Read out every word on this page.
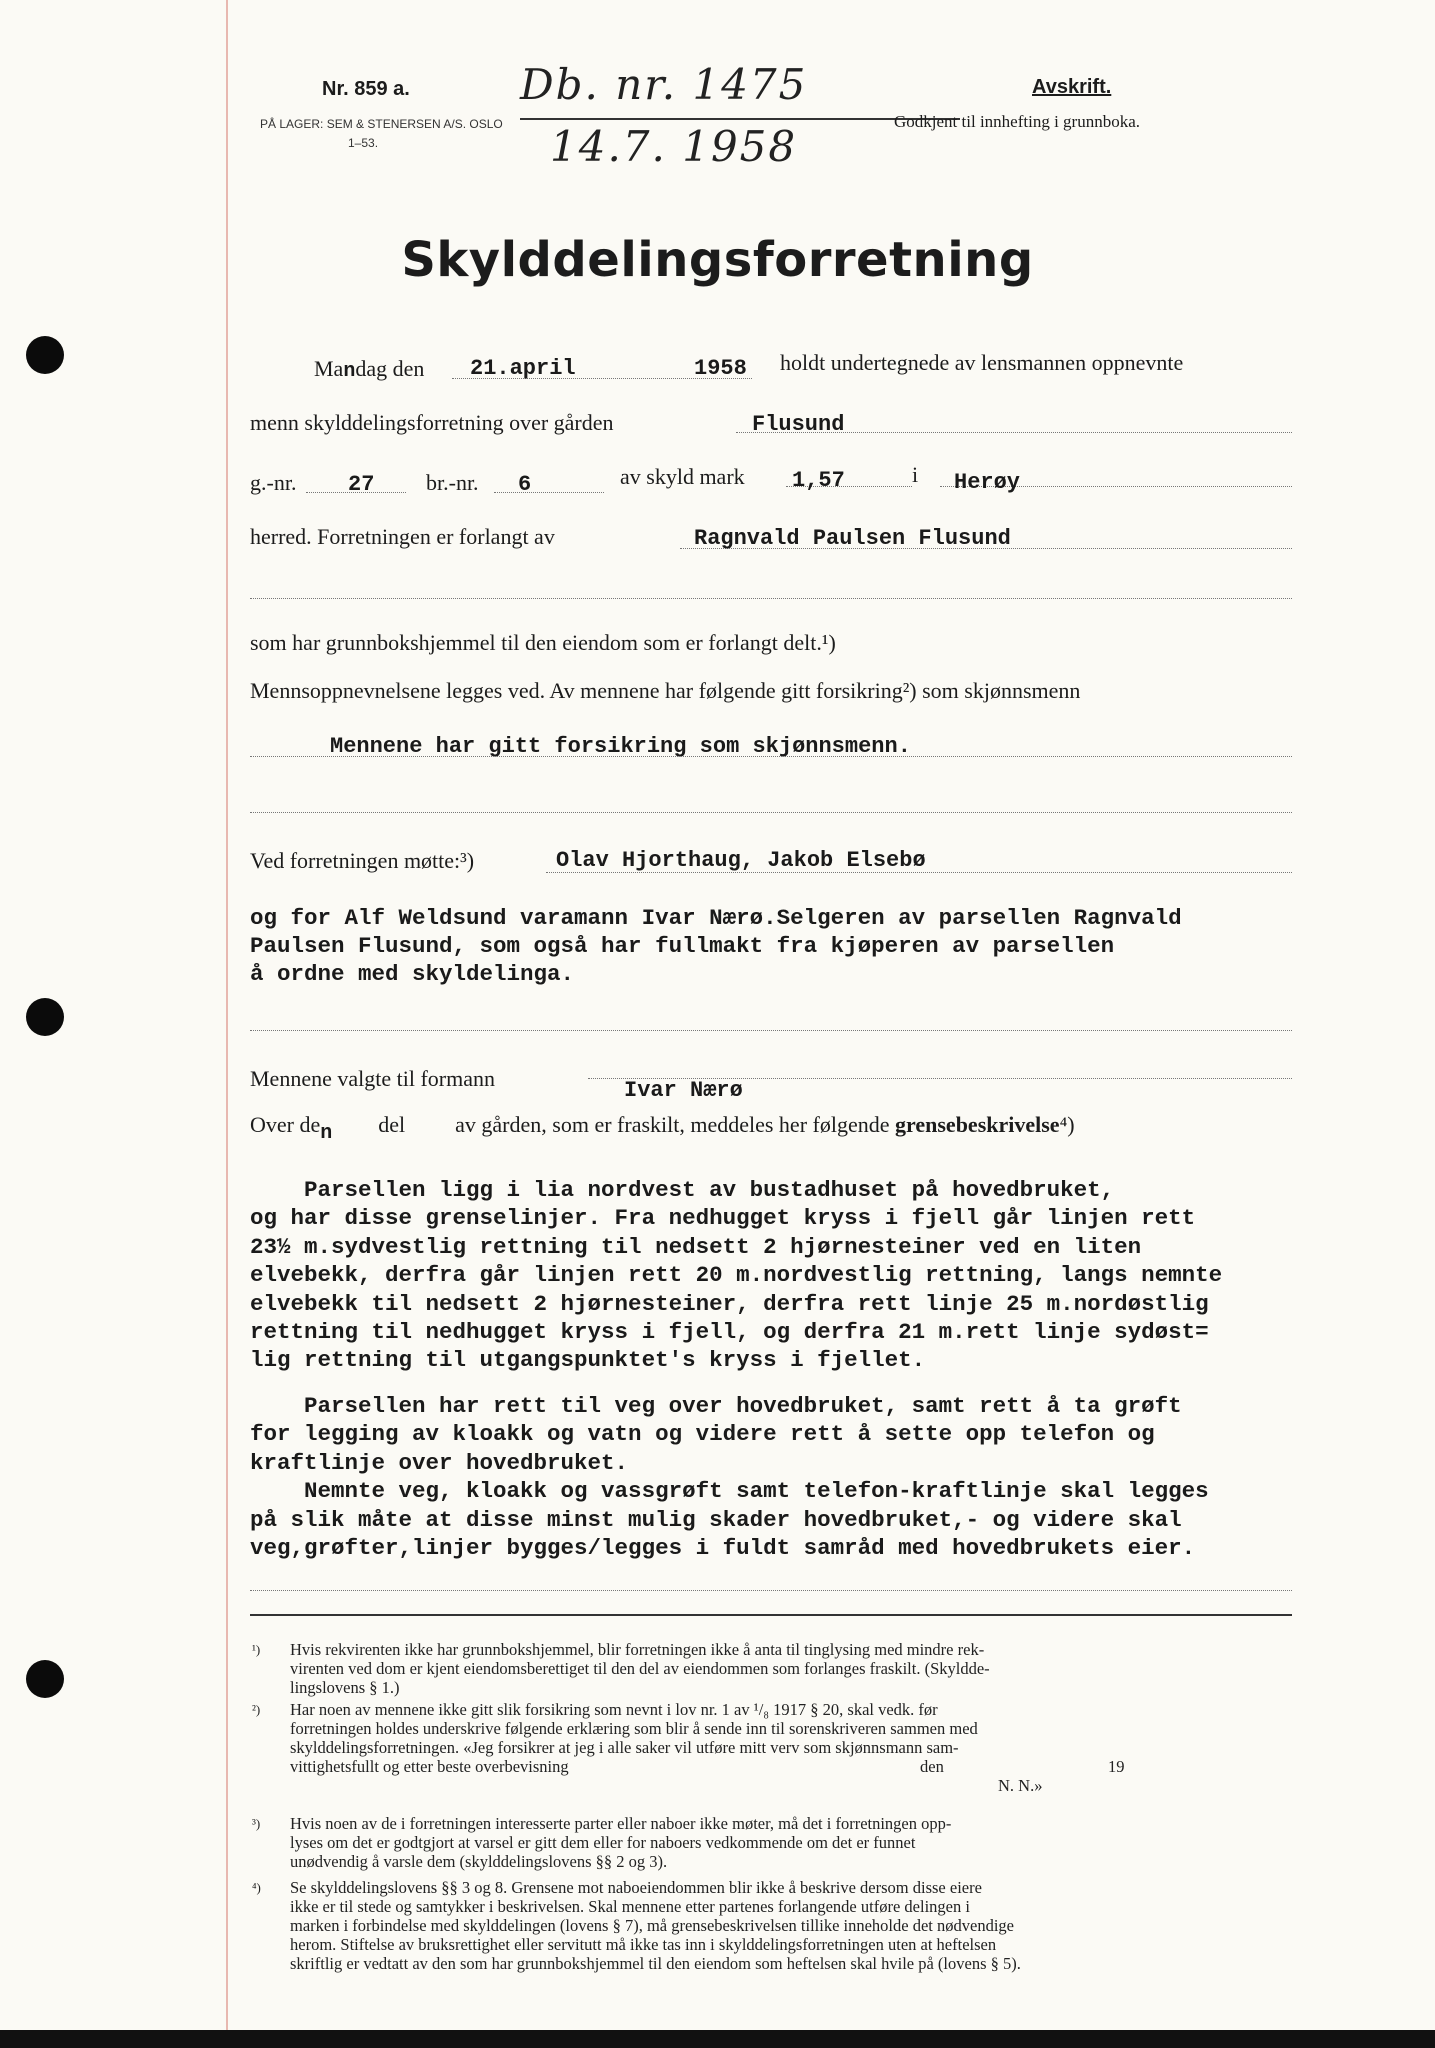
Nr. 859 a.
PÅ LAGER: SEM & STENERSEN A/S. OSLO
1–53.
Db. nr. 1475
14.7. 1958
Avskrift.
Godkjent til innhefting i grunnboka.
Skylddelingsforretning
Mandag den 21.april	1958 holdt undertegnede av lensmannen oppnevnte
menn skylddelingsforretning over gården	Flusund
g.-nr. 27 br.-nr. 6	av skyld mark 1,57	i Herøy
herred. Forretningen er forlangt av	Ragnvald Paulsen Flusund
som har grunnbokshjemmel til den eiendom som er forlangt delt.¹)
Mennsoppnevnelsene legges ved. Av mennene har følgende gitt forsikring²) som skjønnsmenn
Mennene har gitt forsikring som skjønnsmenn.
Ved forretningen møtte:³)	Olav Hjorthaug, Jakob Elsebø
og for Alf Weldsund varamann Ivar Nærø.Selgeren av parsellen Ragnvald
Paulsen Flusund, som også har fullmakt fra kjøperen av parsellen
å ordne med skyldelinga.
Mennene valgte til formann	Ivar Nærø
Over den del av gården, som er fraskilt, meddeles her følgende grensebeskrivelse⁴)
Parsellen ligg i lia nordvest av bustadhuset på hovedbruket,
og har disse grenselinjer. Fra nedhugget kryss i fjell går linjen rett
23½ m.sydvestlig rettning til nedsett 2 hjørnesteiner ved en liten
elvebekk, derfra går linjen rett 20 m.nordvestlig rettning, langs nemnte
elvebekk til nedsett 2 hjørnesteiner, derfra rett linje 25 m.nordøstlig
rettning til nedhugget kryss i fjell, og derfra 21 m.rett linje sydøst=
lig rettning til utgangspunktet's kryss i fjellet.
Parsellen har rett til veg over hovedbruket, samt rett å ta grøft
for legging av kloakk og vatn og videre rett å sette opp telefon og
kraftlinje over hovedbruket.
Nemnte veg, kloakk og vassgrøft samt telefon-kraftlinje skal legges
på slik måte at disse minst mulig skader hovedbruket,- og videre skal
veg,grøfter,linjer bygges/legges i fuldt samråd med hovedbrukets eier.
¹) Hvis rekvirenten ikke har grunnbokshjemmel, blir forretningen ikke å anta til tinglysing med mindre rek-
virenten ved dom er kjent eiendomsberettiget til den del av eiendommen som forlanges fraskilt. (Skyldde-
lingslovens § 1.)
²) Har noen av mennene ikke gitt slik forsikring som nevnt i lov nr. 1 av ¹/₈ 1917 § 20, skal vedk. før
forretningen holdes underskrive følgende erklæring som blir å sende inn til sorenskriveren sammen med
skylddelingsforretningen. «Jeg forsikrer at jeg i alle saker vil utføre mitt verv som skjønnsmann sam-
vittighetsfullt og etter beste overbevisning	den	19
N. N.»
³) Hvis noen av de i forretningen interesserte parter eller naboer ikke møter, må det i forretningen opp-
lyses om det er godtgjort at varsel er gitt dem eller for naboers vedkommende om det er funnet
unødvendig å varsle dem (skylddelingslovens §§ 2 og 3).
⁴) Se skylddelingslovens §§ 3 og 8. Grensene mot naboeiendommen blir ikke å beskrive dersom disse eiere
ikke er til stede og samtykker i beskrivelsen. Skal mennene etter partenes forlangende utføre delingen i
marken i forbindelse med skylddelingen (lovens § 7), må grensebeskrivelsen tillike inneholde det nødvendige
herom. Stiftelse av bruksrettighet eller servitutt må ikke tas inn i skylddelingsforretningen uten at heftelsen
skriftlig er vedtatt av den som har grunnbokshjemmel til den eiendom som heftelsen skal hvile på (lovens § 5).
